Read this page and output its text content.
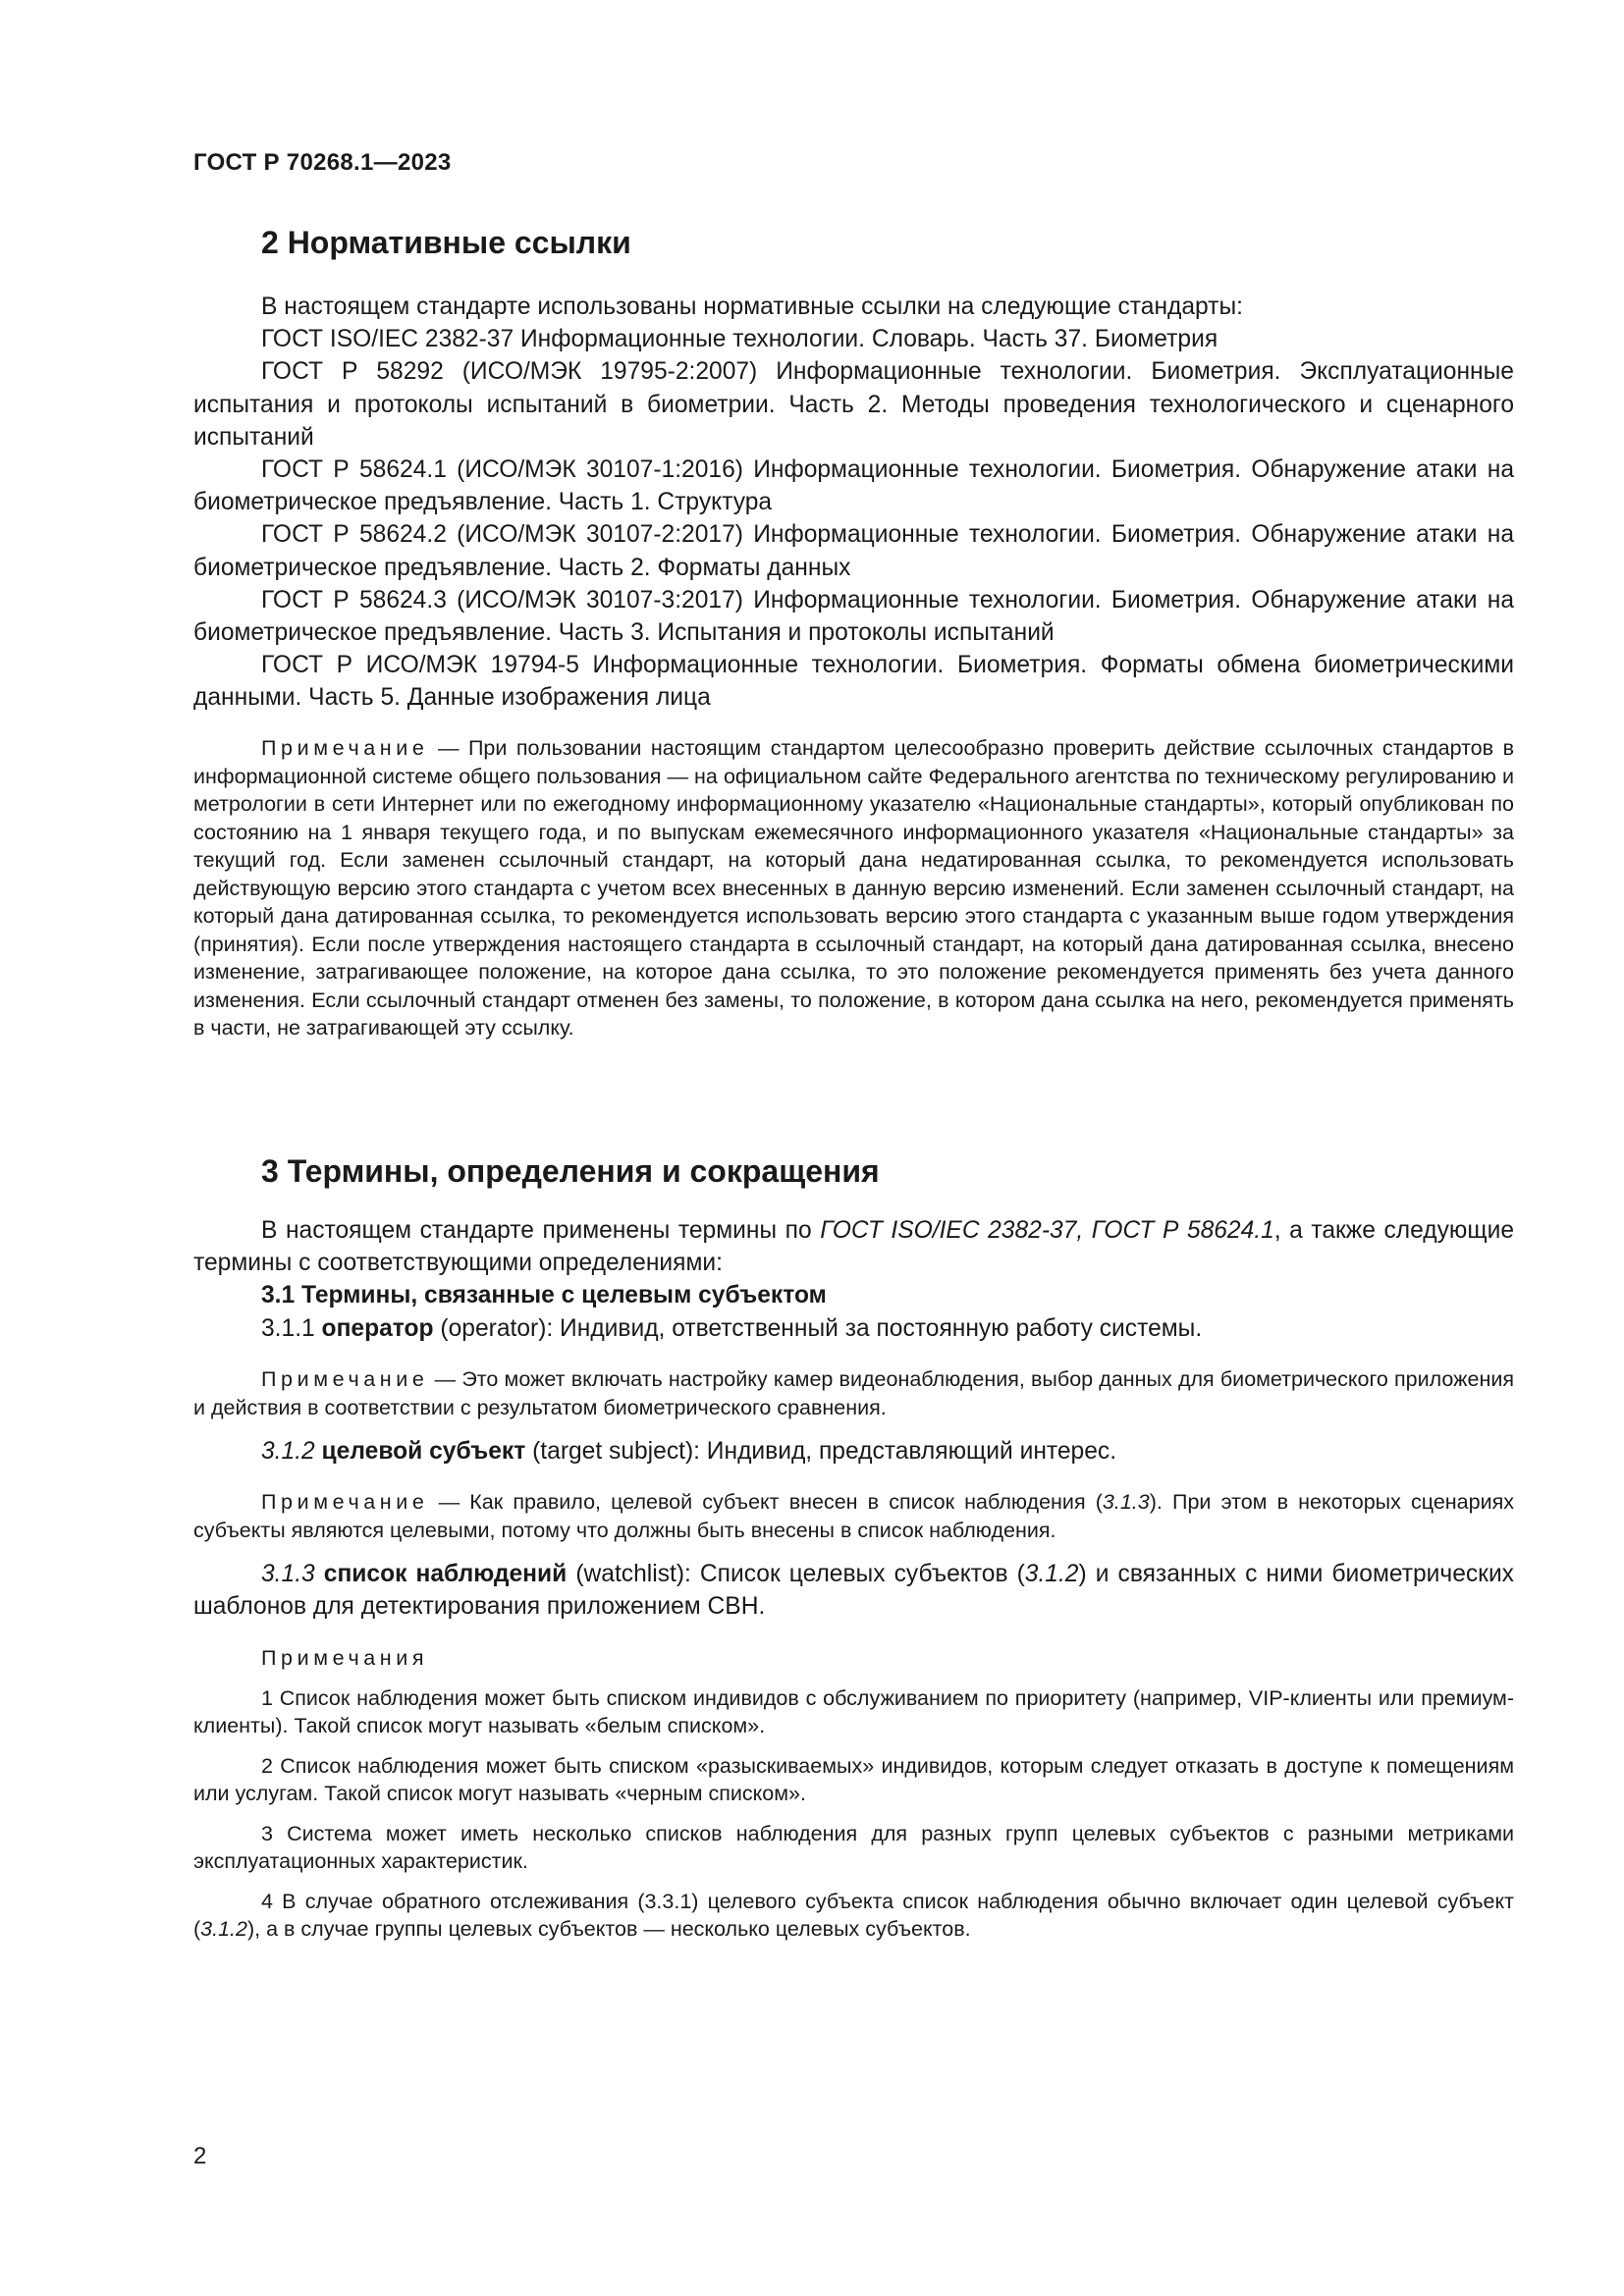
ГОСТ Р 70268.1—2023
2 Нормативные ссылки

В настоящем стандарте использованы нормативные ссылки на следующие стандарты:

ГОСТ ISO/IEC 2382-37 Информационные технологии. Словарь. Часть 37. Биометрия

ГОСТ Р 58292 (ИСО/МЭК 19795-2:2007) Информационные технологии. Биометрия. Эксплуатационные испытания и протоколы испытаний в биометрии. Часть 2. Методы проведения технологического и сценарного испытаний

ГОСТ Р 58624.1 (ИСО/МЭК 30107-1:2016) Информационные технологии. Биометрия. Обнаружение атаки на биометрическое предъявление. Часть 1. Структура

ГОСТ Р 58624.2 (ИСО/МЭК 30107-2:2017) Информационные технологии. Биометрия. Обнаружение атаки на биометрическое предъявление. Часть 2. Форматы данных

ГОСТ Р 58624.3 (ИСО/МЭК 30107-3:2017) Информационные технологии. Биометрия. Обнаружение атаки на биометрическое предъявление. Часть 3. Испытания и протоколы испытаний

ГОСТ Р ИСО/МЭК 19794-5 Информационные технологии. Биометрия. Форматы обмена биометрическими данными. Часть 5. Данные изображения лица

Примечание — При пользовании настоящим стандартом целесообразно проверить действие ссылочных стандартов в информационной системе общего пользования — на официальном сайте Федерального агентства по техническому регулированию и метрологии в сети Интернет или по ежегодному информационному указателю «Национальные стандарты», который опубликован по состоянию на 1 января текущего года, и по выпускам ежемесячного информационного указателя «Национальные стандарты» за текущий год. Если заменен ссылочный стандарт, на который дана недатированная ссылка, то рекомендуется использовать действующую версию этого стандарта с учетом всех внесенных в данную версию изменений. Если заменен ссылочный стандарт, на который дана датированная ссылка, то рекомендуется использовать версию этого стандарта с указанным выше годом утверждения (принятия). Если после утверждения настоящего стандарта в ссылочный стандарт, на который дана датированная ссылка, внесено изменение, затрагивающее положение, на которое дана ссылка, то это положение рекомендуется применять без учета данного изменения. Если ссылочный стандарт отменен без замены, то положение, в котором дана ссылка на него, рекомендуется применять в части, не затрагивающей эту ссылку.

3 Термины, определения и сокращения

В настоящем стандарте применены термины по ГОСТ ISO/IEC 2382-37, ГОСТ Р 58624.1, а также следующие термины с соответствующими определениями:

3.1 Термины, связанные с целевым субъектом

3.1.1 оператор (operator): Индивид, ответственный за постоянную работу системы.

Примечание — Это может включать настройку камер видеонаблюдения, выбор данных для биометрического приложения и действия в соответствии с результатом биометрического сравнения.

3.1.2 целевой субъект (target subject): Индивид, представляющий интерес.

Примечание — Как правило, целевой субъект внесен в список наблюдения (3.1.3). При этом в некоторых сценариях субъекты являются целевыми, потому что должны быть внесены в список наблюдения.

3.1.3 список наблюдений (watchlist): Список целевых субъектов (3.1.2) и связанных с ними биометрических шаблонов для детектирования приложением СВН.

Примечания

1 Список наблюдения может быть списком индивидов с обслуживанием по приоритету (например, VIP-клиенты или премиум-клиенты). Такой список могут называть «белым списком».

2 Список наблюдения может быть списком «разыскиваемых» индивидов, которым следует отказать в доступе к помещениям или услугам. Такой список могут называть «черным списком».

3 Система может иметь несколько списков наблюдения для разных групп целевых субъектов с разными метриками эксплуатационных характеристик.

4 В случае обратного отслеживания (3.3.1) целевого субъекта список наблюдения обычно включает один целевой субъект (3.1.2), а в случае группы целевых субъектов — несколько целевых субъектов.

2
